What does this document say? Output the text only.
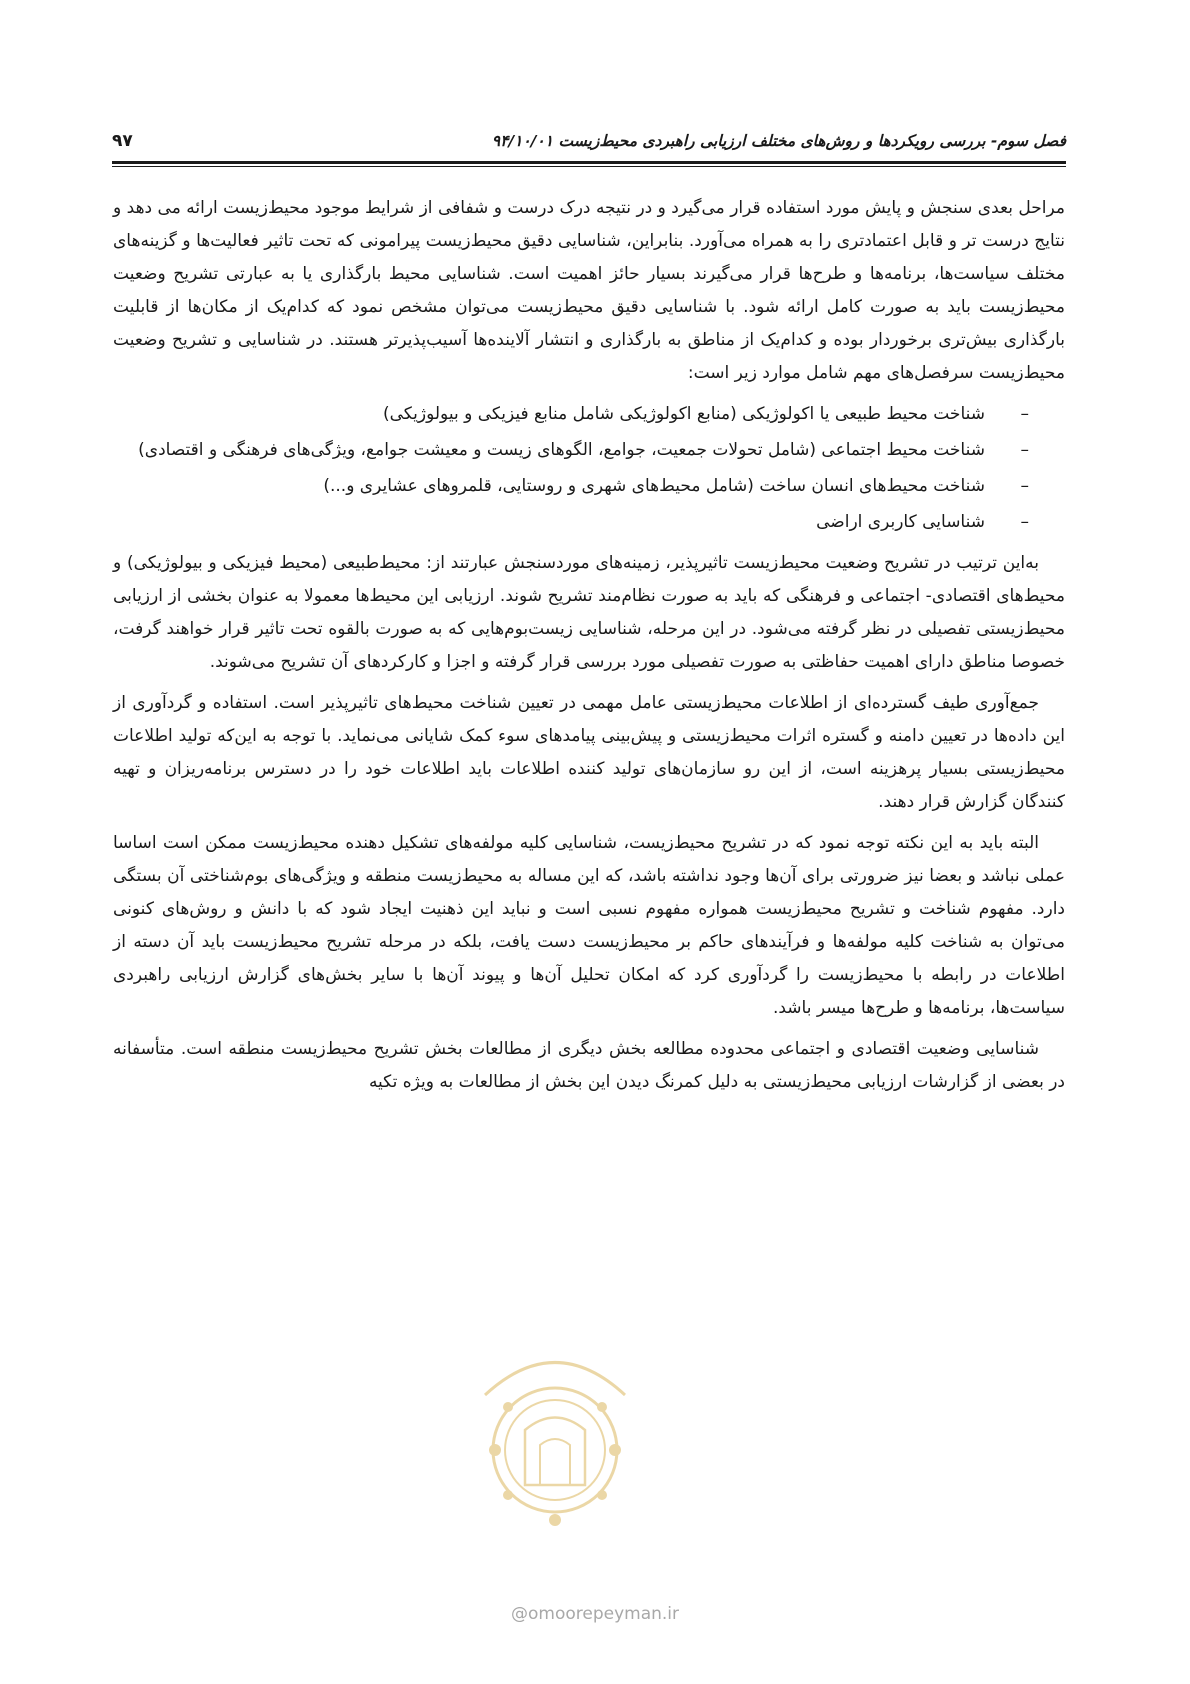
فصل سوم- بررسی رویکردها و روش‌های مختلف ارزیابی راهبردی محیط‌زیست ۹۴/۱۰/۰۱
۹۷

مراحل بعدی سنجش و پایش مورد استفاده قرار می‌گیرد و در نتیجه درک درست و شفافی از شرایط موجود محیط‌زیست ارائه می دهد و نتایج درست تر و قابل اعتمادتری را به همراه می‌آورد. بنابراین، شناسایی دقیق محیط‌زیست پیرامونی که تحت تاثیر فعالیت‌ها و گزینه‌های مختلف سیاست‌ها، برنامه‌ها و طرح‌ها قرار می‌گیرند بسیار حائز اهمیت است. شناسایی محیط بارگذاری یا به عبارتی تشریح وضعیت محیط‌زیست باید به صورت کامل ارائه شود. با شناسایی دقیق محیط‌زیست می‌توان مشخص نمود که کدام‌یک از مکان‌ها از قابلیت بارگذاری بیش‌تری برخوردار بوده و کدام‌یک از مناطق به بارگذاری و انتشار آلاینده‌ها آسیب‌پذیرتر هستند. در شناسایی و تشریح وضعیت محیط‌زیست سرفصل‌های مهم شامل موارد زیر است:

–
شناخت محیط طبیعی یا اکولوژیکی (منابع اکولوژیکی شامل منابع فیزیکی و بیولوژیکی)
–
شناخت محیط اجتماعی (شامل تحولات جمعیت، جوامع، الگوهای زیست و معیشت جوامع، ویژگی‌های فرهنگی و اقتصادی)
–
شناخت محیط‌های انسان ساخت (شامل محیط‌های شهری و روستایی، قلمروهای عشایری و...)
–
شناسایی کاربری اراضی

به‌این ترتیب در تشریح وضعیت محیط‌زیست تاثیرپذیر، زمینه‌های موردسنجش عبارتند از: محیط‌طبیعی (محیط فیزیکی و بیولوژیکی) و محیط‌های اقتصادی- اجتماعی و فرهنگی که باید به صورت نظام‌مند تشریح شوند. ارزیابی این محیط‌ها معمولا به عنوان بخشی از ارزیابی محیط‌زیستی تفصیلی در نظر گرفته می‌شود. در این مرحله، شناسایی زیست‌بوم‌هایی که به صورت بالقوه تحت تاثیر قرار خواهند گرفت، خصوصا مناطق دارای اهمیت حفاظتی به صورت تفصیلی مورد بررسی قرار گرفته و اجزا و کارکردهای آن تشریح می‌شوند.

جمع‌آوری طیف گسترده‌ای از اطلاعات محیط‌زیستی عامل مهمی در تعیین شناخت محیط‌های تاثیرپذیر است. استفاده و گردآوری از این داده‌ها در تعیین دامنه و گستره اثرات محیط‌زیستی و پیش‌بینی پیامدهای سوء کمک شایانی می‌نماید. با توجه به این‌که تولید اطلاعات محیط‌زیستی بسیار پرهزینه است، از این رو سازمان‌های تولید کننده اطلاعات باید اطلاعات خود را در دسترس برنامه‌ریزان و تهیه کنندگان گزارش قرار دهند.

البته باید به این نکته توجه نمود که در تشریح محیط‌زیست، شناسایی کلیه مولفه‌های تشکیل دهنده محیط‌زیست ممکن است اساسا عملی نباشد و بعضا نیز ضرورتی برای آن‌ها وجود نداشته باشد، که این مساله به محیط‌زیست منطقه و ویژگی‌های بوم‌شناختی آن بستگی دارد. مفهوم شناخت و تشریح محیط‌زیست همواره مفهوم نسبی است و نباید این ذهنیت ایجاد شود که با دانش و روش‌های کنونی می‌توان به شناخت کلیه مولفه‌ها و فرآیندهای حاکم بر محیط‌زیست دست یافت، بلکه در مرحله تشریح محیط‌زیست باید آن دسته از اطلاعات در رابطه با محیط‌زیست را گردآوری کرد که امکان تحلیل آن‌ها و پیوند آن‌ها با سایر بخش‌های گزارش ارزیابی راهبردی سیاست‌ها، برنامه‌ها و طرح‌ها میسر باشد.

شناسایی وضعیت اقتصادی و اجتماعی محدوده مطالعه بخش دیگری از مطالعات بخش تشریح محیط‌زیست منطقه است. متأسفانه در بعضی از گزارشات ارزیابی محیط‌زیستی به دلیل کمرنگ دیدن این بخش از مطالعات به ویژه تکیه

@omoorepeyman.ir
